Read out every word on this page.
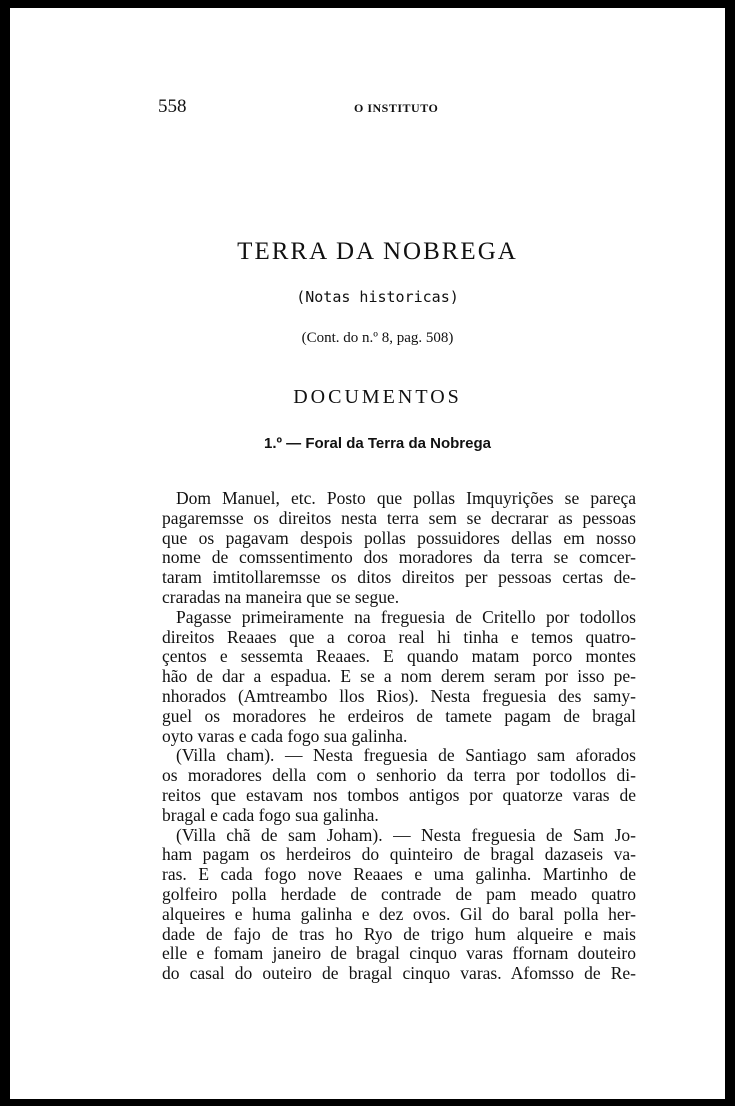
558	O INSTITUTO
TERRA DA NOBREGA
(Notas historicas)
(Cont. do n.º 8, pag. 508)
DOCUMENTOS
1.º — Foral da Terra da Nobrega
Dom Manuel, etc. Posto que pollas Imquyrições se pareça
pagaremsse os direitos nesta terra sem se decrarar as pessoas
que os pagavam despois pollas possuidores dellas em nosso
nome de comssentimento dos moradores da terra se comcer-
taram imtitollaremsse os ditos direitos per pessoas certas de-
craradas na maneira que se segue.
Pagasse primeiramente na freguesia de Critello por todollos
direitos Reaaes que a coroa real hi tinha e temos quatro-
çentos e sessemta Reaaes. E quando matam porco montes
hão de dar a espadua. E se a nom derem seram por isso pe-
nhorados (Amtreambo llos Rios). Nesta freguesia des samy-
guel os moradores he erdeiros de tamete pagam de bragal
oyto varas e cada fogo sua galinha.
(Villa cham). — Nesta freguesia de Santiago sam aforados
os moradores della com o senhorio da terra por todollos di-
reitos que estavam nos tombos antigos por quatorze varas de
bragal e cada fogo sua galinha.
(Villa chã de sam Joham). — Nesta freguesia de Sam Jo-
ham pagam os herdeiros do quinteiro de bragal dazaseis va-
ras. E cada fogo nove Reaaes e uma galinha. Martinho de
golfeiro polla herdade de contrade de pam meado quatro
alqueires e huma galinha e dez ovos. Gil do baral polla her-
dade de fajo de tras ho Ryo de trigo hum alqueire e mais
elle e fomam janeiro de bragal cinquo varas ffornam douteiro
do casal do outeiro de bragal cinquo varas. Afomsso de Re-
